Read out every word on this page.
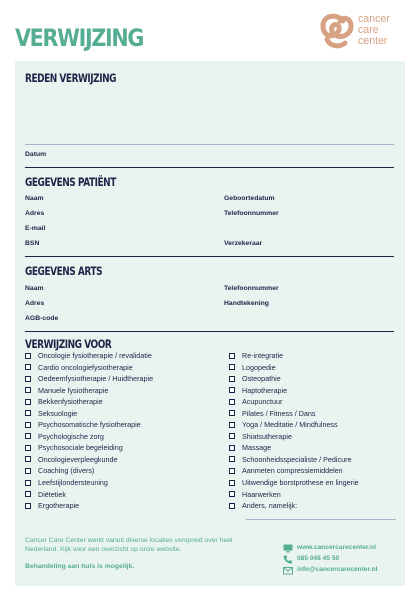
VERWIJZING
cancer
care
center
REDEN VERWIJZING
Datum
GEGEVENS PATIËNT
Naam	Geboortedatum
Adres	Telefoonnummer
E-mail
BSN	Verzekeraar
GEGEVENS ARTS
Naam	Telefoonnummer
Adres	Handtekening
AGB-code
VERWIJZING VOOR
Oncologie fysiotherapie / revalidatie
Cardio oncologiefysiotherapie
Oedeemfysiotherapie / Huidtherapie
Manuele fysiotherapie
Bekkenfysiotherapie
Seksuologie
Psychosomatische fysiotherapie
Psychologische zorg
Psychosociale begeleiding
Oncologieverpleegkunde
Coaching (divers)
Leefstijlondersteuning
Diëtetiek
Ergotherapie
Re-integratie
Logopedie
Osteopathie
Haptotherapie
Acupunctuur
Pilates / Fitness / Dans
Yoga / Meditatie / Mindfulness
Shiatsutherapie
Massage
Schoonheidsspecialiste / Pedicure
Aanmeten compressiemiddelen
Uitwendige borstprothese en lingerie
Haarwerken
Anders, namelijk:
Cancer Care Center werkt vanuit diverse locaties verspreid over heel Nederland. Kijk voor een overzicht op onze website.
Behandeling aan huis is mogelijk.
www.cancercarecenter.nl
085 048 45 50
info@cancercarecenter.nl
